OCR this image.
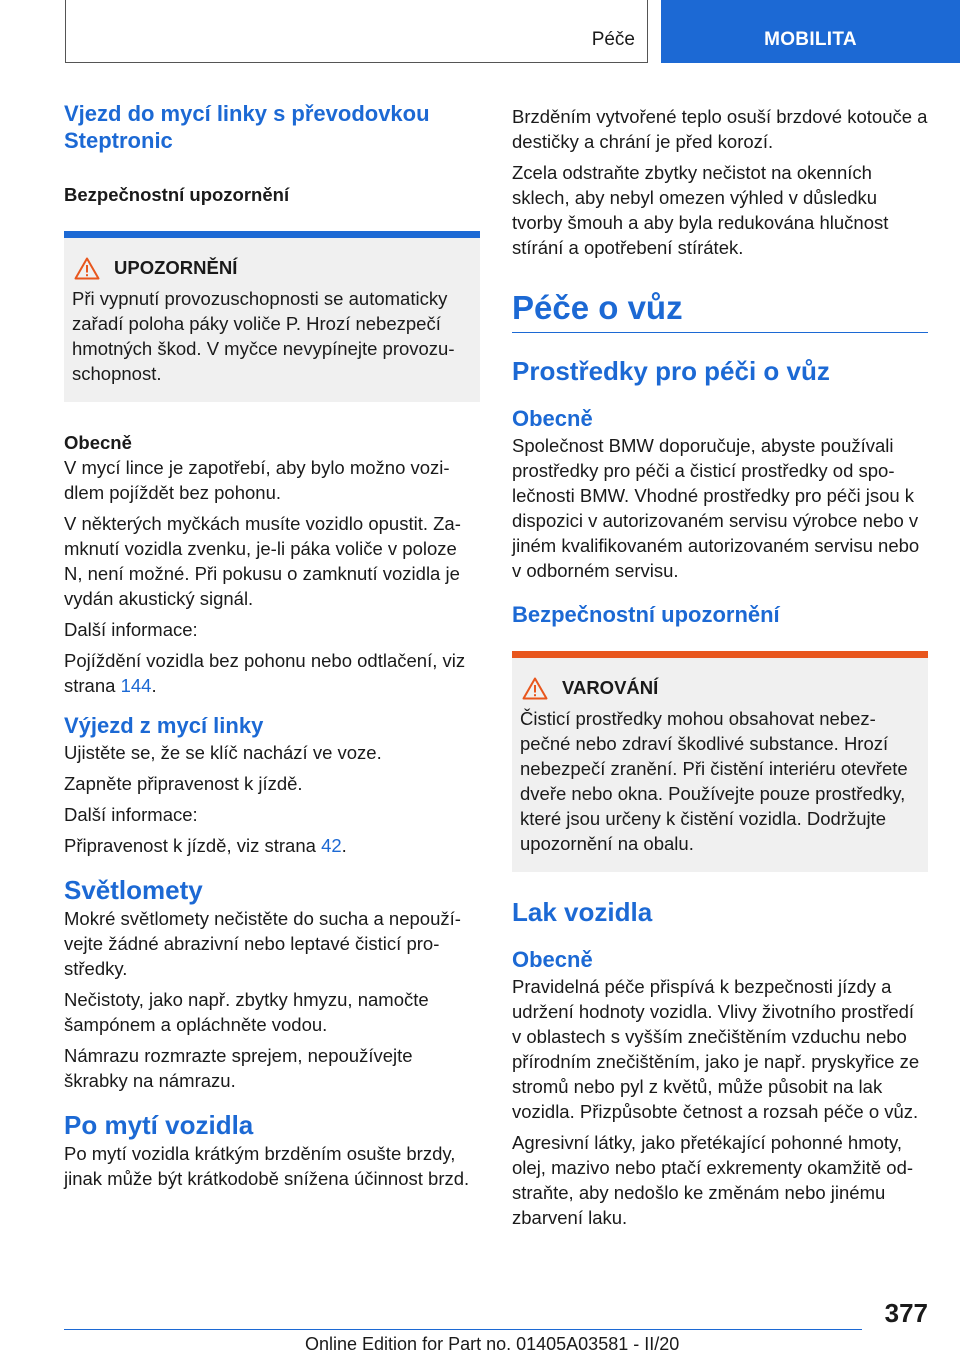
Péče	MOBILITA
Vjezd do mycí linky s převodovkou Steptronic
Bezpečnostní upozornění
UPOZORNĚNÍ

Při vypnutí provozuschopnosti se automaticky zařadí poloha páky voliče P. Hrozí nebezpečí hmotných škod. V myčce nevypínejte provozuschopnost.

Obecně

V mycí lince je zapotřebí, aby bylo možno vozidlem pojíždět bez pohonu.

V některých myčkách musíte vozidlo opustit. Zamknutí vozidla zvenku, je-li páka voliče v poloze N, není možné. Při pokusu o zamknutí vozidla je vydán akustický signál.

Další informace:

Pojíždění vozidla bez pohonu nebo odtlačení, viz strana 144.

Výjezd z mycí linky

Ujistěte se, že se klíč nachází ve voze.

Zapněte připravenost k jízdě.

Další informace:

Připravenost k jízdě, viz strana 42.

Světlomety

Mokré světlomety nečistěte do sucha a nepoužívejte žádné abrazivní nebo leptavé čisticí prostředky.

Nečistoty, jako např. zbytky hmyzu, namočte šampónem a opláchněte vodou.

Námrazu rozmrazte sprejem, nepoužívejte škrabky na námrazu.

Po mytí vozidla

Po mytí vozidla krátkým brzděním osušte brzdy, jinak může být krátkodobě snížena účinnost brzd.

Brzděním vytvořené teplo osuší brzdové kotouče a destičky a chrání je před korozí.

Zcela odstraňte zbytky nečistot na okenních sklech, aby nebyl omezen výhled v důsledku tvorby šmouh a aby byla redukována hlučnost stírání a opotřebení stírátek.

Péče o vůz
Prostředky pro péči o vůz
Obecně

Společnost BMW doporučuje, abyste používali prostředky pro péči a čisticí prostředky od společnosti BMW. Vhodné prostředky pro péči jsou k dispozici v autorizovaném servisu výrobce nebo v jiném kvalifikovaném autorizovaném servisu nebo v odborném servisu.

Bezpečnostní upozornění
VAROVÁNÍ

Čisticí prostředky mohou obsahovat nebezpečné nebo zdraví škodlivé substance. Hrozí nebezpečí zranění. Při čistění interiéru otevřete dveře nebo okna. Používejte pouze prostředky, které jsou určeny k čistění vozidla. Dodržujte upozornění na obalu.

Lak vozidla
Obecně

Pravidelná péče přispívá k bezpečnosti jízdy a udržení hodnoty vozidla. Vlivy životního prostředí v oblastech s vyšším znečištěním vzduchu nebo přírodním znečištěním, jako je např. pryskyřice ze stromů nebo pyl z květů, může působit na lak vozidla. Přizpůsobte četnost a rozsah péče o vůz.

Agresivní látky, jako přetékající pohonné hmoty, olej, mazivo nebo ptačí exkrementy okamžitě odstraňte, aby nedošlo ke změnám nebo jinému zbarvení laku.

377
Online Edition for Part no. 01405A03581 - II/20
